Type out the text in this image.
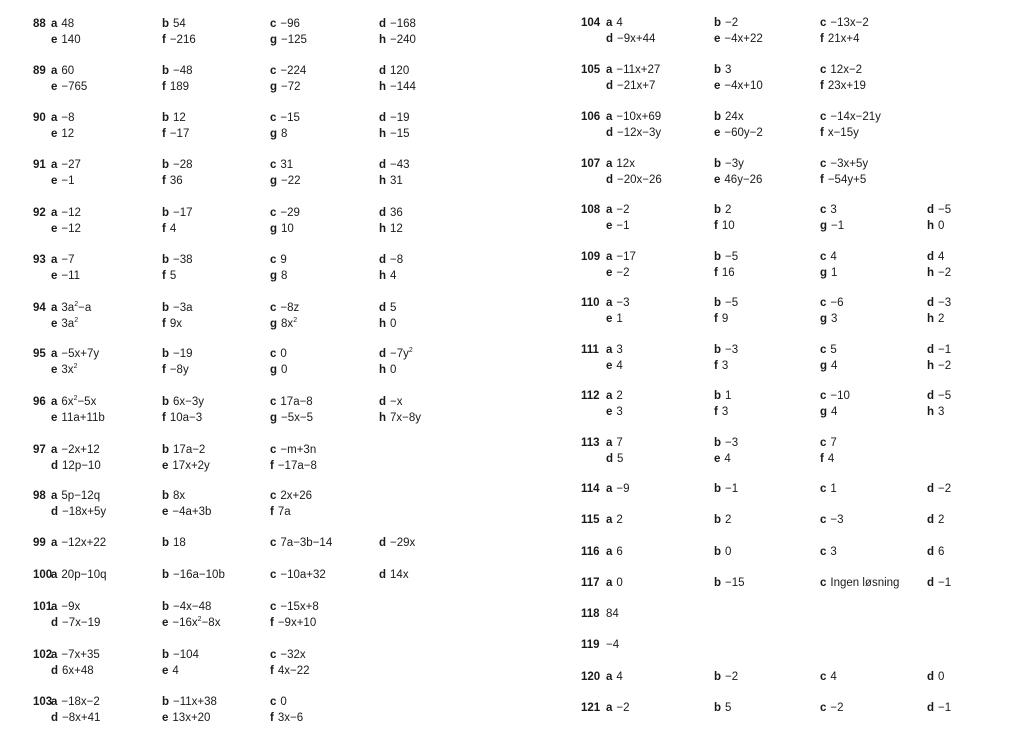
88 a 48	b 54	c −96	d −168
e 140	f −216	g −125	h −240
89 a 60	b −48	c −224	d 120
e −765	f 189	g −72	h −144
90 a −8	b 12	c −15	d −19
e 12	f −17	g 8	h −15
91 a −27	b −28	c 31	d −43
e −1	f 36	g −22	h 31
92 a −12	b −17	c −29	d 36
e −12	f 4	g 10	h 12
93 a −7	b −38	c 9	d −8
e −11	f 5	g 8	h 4
94 a $3a^2-a$	b −3a	c −8z	d 5
e $3a^2$	f 9x	g $8x^2$	h 0
95 a −5x+7y	b −19	c 0	$d -7y^2$
e $3x^2$	f −8y	g 0	h 0
96 a $6x^2-5x$	b 6x−3y	c 17a−8	d −x
e 11a+11b	f 10a−3	g −5x−5	h 7x−8y
97 a −2x+12	b 17a−2	c −m+3n
d 12p−10	e 17x+2y	f −17a−8
98 a 5p−12q	b 8x	c 2x+26
d −18x+5y	e −4a+3b	f 7a
99 a −12x+22	b 18	c 7a−3b−14	d −29x
100
a 20p−10q	b −16a−10b	c −10a+32	d 14x
101
a −9x	b −4x−48	c −15x+8
d −7x−19	$e -16x^2-8x$	f −9x+10
102
a −7x+35	b −104	c −32x
d 6x+48	e 4	f 4x−22
103
a −18x−2	b −11x+38	c 0
d −8x+41	e 13x+20	f 3x−6
104 a 4	b −2	c −13x−2
d −9x+44	e −4x+22	f 21x+4
105 a −11x+27	b 3	c 12x−2
d −21x+7	e −4x+10	f 23x+19
106 a −10x+69	b 24x	c −14x−21y
d −12x−3y	e −60y−2	f x−15y
107 a 12x	b −3y	c −3x+5y
d −20x−26	e 46y−26	f −54y+5
108 a −2	b 2	c 3	d −5
e −1	f 10	g −1	h 0
109 a −17	b −5	c 4	d 4
e −2	f 16	g 1	h −2
110 a −3	b −5	c −6	d −3
e 1	f 9	g 3	h 2
111 a 3	b −3	c 5	d −1
e 4	f 3	g 4	h −2
112 a 2	b 1	c −10	d −5
e 3	f 3	g 4	h 3
113 a 7	b −3	c 7
d 5	e 4	f 4
114 a −9	b −1	c 1	d −2
115 a 2	b 2	c −3	d 2
116 a 6	b 0	c 3	d 6
117 a 0	b −15	c Ingen løsning d −1
118 84
119 −4
120 a 4	b −2	c 4	d 0
121 a −2	b 5	c −2	d −1
